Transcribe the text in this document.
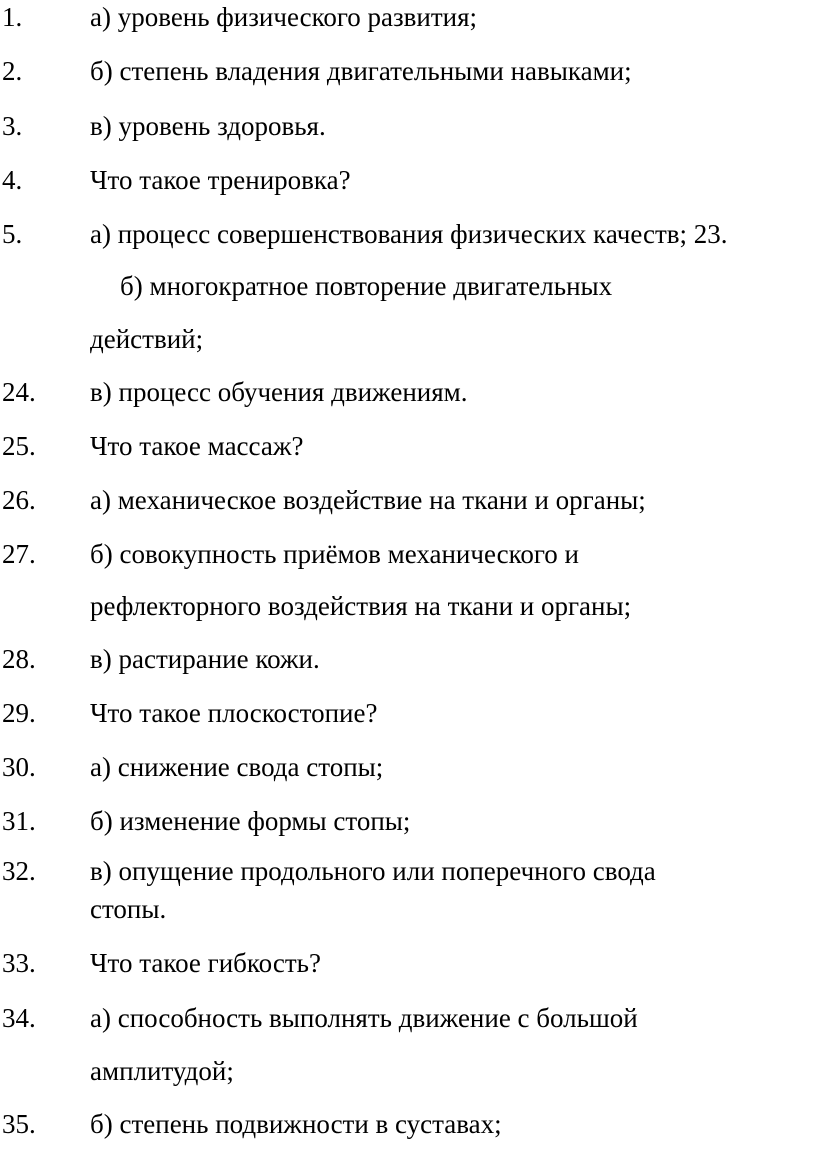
1.	а) уровень физического развития;
2.	б) степень владения двигательными навыками;
3.	в) уровень здоровья.
4.	Что такое тренировка?
5.	а) процесс совершенствования физических качеств; 23.
б) многократное повторение двигательных
действий;
24. в) процесс обучения движениям.
25. Что такое массаж?
26. а) механическое воздействие на ткани и органы;
27. б) совокупность приёмов механического и
рефлекторного воздействия на ткани и органы;
28. в) растирание кожи.
29. Что такое плоскостопие?
30. а) снижение свода стопы;
31. б) изменение формы стопы;
32. в) опущение продольного или поперечного свода
стопы.
33. Что такое гибкость?
34. а) способность выполнять движение с большой
амплитудой;
35. б) степень подвижности в суставах;
